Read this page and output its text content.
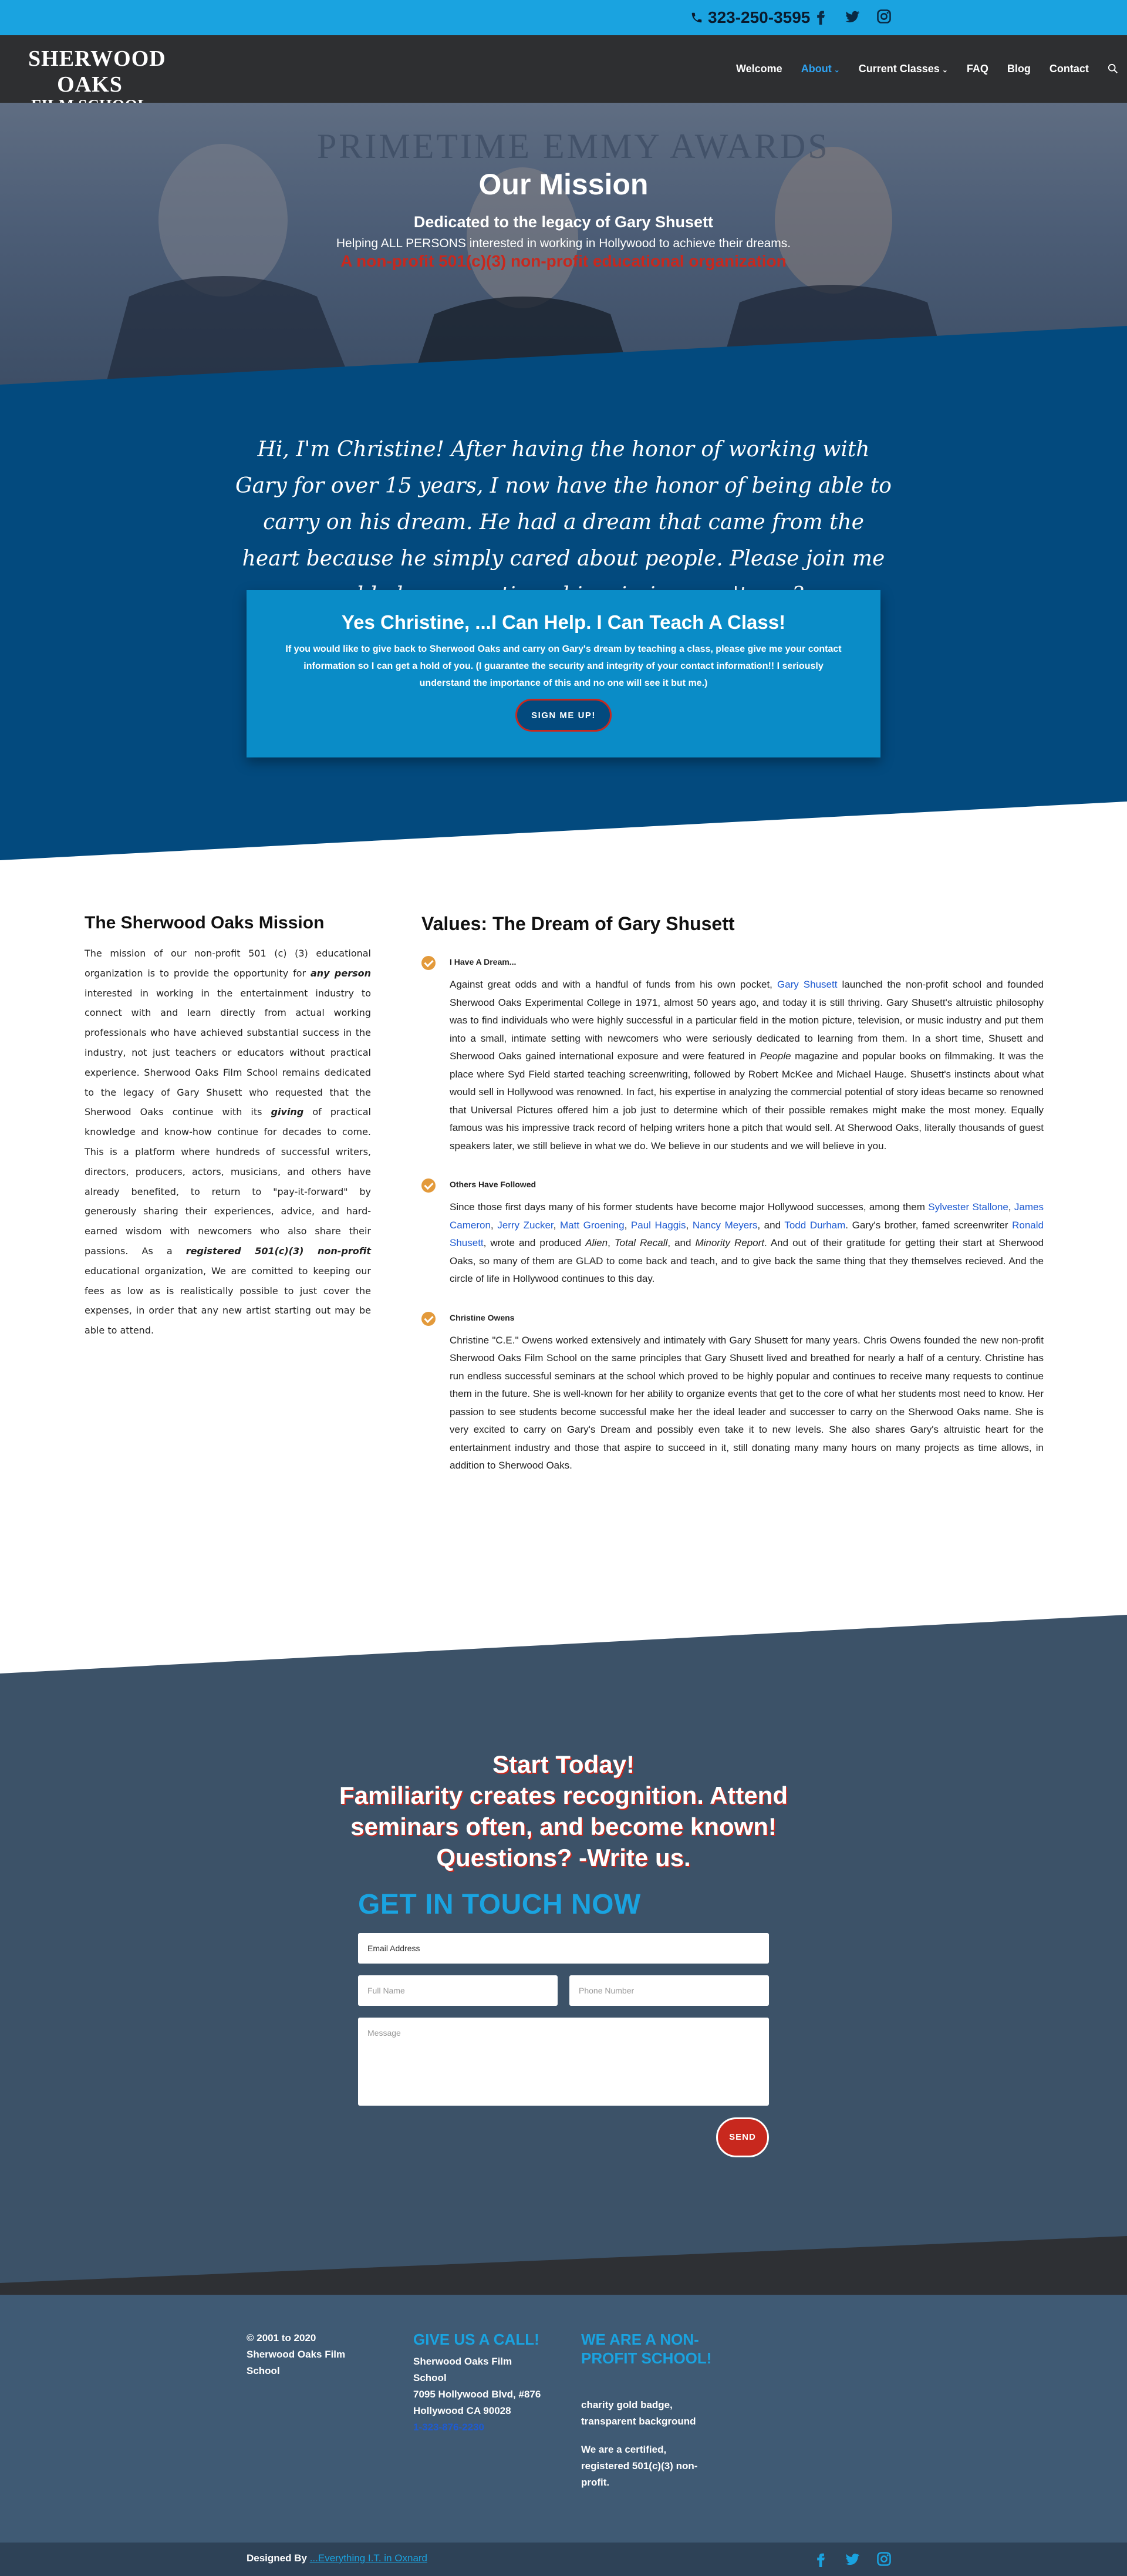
323-250-3595
SHERWOOD OAKS
Welcome About ⌄ Current Classes ⌄ FAQ Blog Contact
PRIMETIME EMMY AWARDS
Our Mission
Dedicated to the legacy of Gary Shusett
Helping ALL PERSONS interested in working in Hollywood to achieve their dreams.
A non-profit 501(c)(3) non-profit educational organization

Hi, I'm Christine! After having the honor of working with Gary for over 15 years, I now have the honor of being able to carry on his dream. He had a dream that came from the heart because he simply cared about people. Please join me

Yes Christine, ...I Can Help. I Can Teach A Class!
If you would like to give back to Sherwood Oaks and carry on Gary's dream by teaching a class, please give me your contact information so I can get a hold of you. (I guarantee the security and integrity of your contact information!! I seriously understand the importance of this and no one will see it but me.)
SIGN ME UP!
The Sherwood Oaks Mission

The mission of our non-profit 501 (c) (3) educational organization is to provide the opportunity for any person interested in working in the entertainment industry to connect with and learn directly from actual working professionals who have achieved substantial success in the industry, not just teachers or educators without practical experience. Sherwood Oaks Film School remains dedicated to the legacy of Gary Shusett who requested that the Sherwood Oaks continue with its giving of practical knowledge and know-how continue for decades to come. This is a platform where hundreds of successful writers, directors, producers, actors, musicians, and others have already benefited, to return to "pay-it-forward" by generously sharing their experiences, advice, and hard-earned wisdom with newcomers who also share their passions. As a registered 501(c)(3) non-profit educational organization, We are comitted to keeping our fees as low as is realistically possible to just cover the expenses, in order that any new artist starting out may be able to attend.

Values: The Dream of Gary Shusett
I Have A Dream...

Against great odds and with a handful of funds from his own pocket, Gary Shusett launched the non-profit school and founded Sherwood Oaks Experimental College in 1971, almost 50 years ago, and today it is still thriving. Gary Shusett's altruistic philosophy was to find individuals who were highly successful in a particular field in the motion picture, television, or music industry and put them into a small, intimate setting with newcomers who were seriously dedicated to learning from them. In a short time, Shusett and Sherwood Oaks gained international exposure and were featured in People magazine and popular books on filmmaking. It was the place where Syd Field started teaching screenwriting, followed by Robert McKee and Michael Hauge. Shusett's instincts about what would sell in Hollywood was renowned. In fact, his expertise in analyzing the commercial potential of story ideas became so renowned that Universal Pictures offered him a job just to determine which of their possible remakes might make the most money. Equally famous was his impressive track record of helping writers hone a pitch that would sell. At Sherwood Oaks, literally thousands of guest speakers later, we still believe in what we do. We believe in our students and we will believe in you.

Others Have Followed

Since those first days many of his former students have become major Hollywood successes, among them Sylvester Stallone, James Cameron, Jerry Zucker, Matt Groening, Paul Haggis, Nancy Meyers, and Todd Durham. Gary's brother, famed screenwriter Ronald Shusett, wrote and produced Alien, Total Recall, and Minority Report. And out of their gratitude for getting their start at Sherwood Oaks, so many of them are GLAD to come back and teach, and to give back the same thing that they themselves recieved. And the circle of life in Hollywood continues to this day.

Christine Owens

Christine "C.E." Owens worked extensively and intimately with Gary Shusett for many years. Chris Owens founded the new non-profit Sherwood Oaks Film School on the same principles that Gary Shusett lived and breathed for nearly a half of a century. Christine has run endless successful seminars at the school which proved to be highly popular and continues to receive many requests to continue them in the future. She is well-known for her ability to organize events that get to the core of what her students most need to know. Her passion to see students become successful make her the ideal leader and successer to carry on the Sherwood Oaks name. She is very excited to carry on Gary's Dream and possibly even take it to new levels. She also shares Gary's altruistic heart for the entertainment industry and those that aspire to succeed in it, still donating many many hours on many projects as time allows, in addition to Sherwood Oaks.

Start Today!
Familiarity creates recognition. Attend seminars often, and become known!
Questions? -Write us.
GET IN TOUCH NOW
Email Address
Full Name	Phone Number
Message
SEND
© 2001 to 2020 Sherwood Oaks Film School
GIVE US A CALL!
Sherwood Oaks Film School
7095 Hollywood Blvd, #876
Hollywood CA 90028
1-323-876-2230
WE ARE A NON-PROFIT SCHOOL!
charity gold badge, transparent background
We are a certified, registered 501(c)(3) non-profit.
Designed By ...Everything I.T. in Oxnard
